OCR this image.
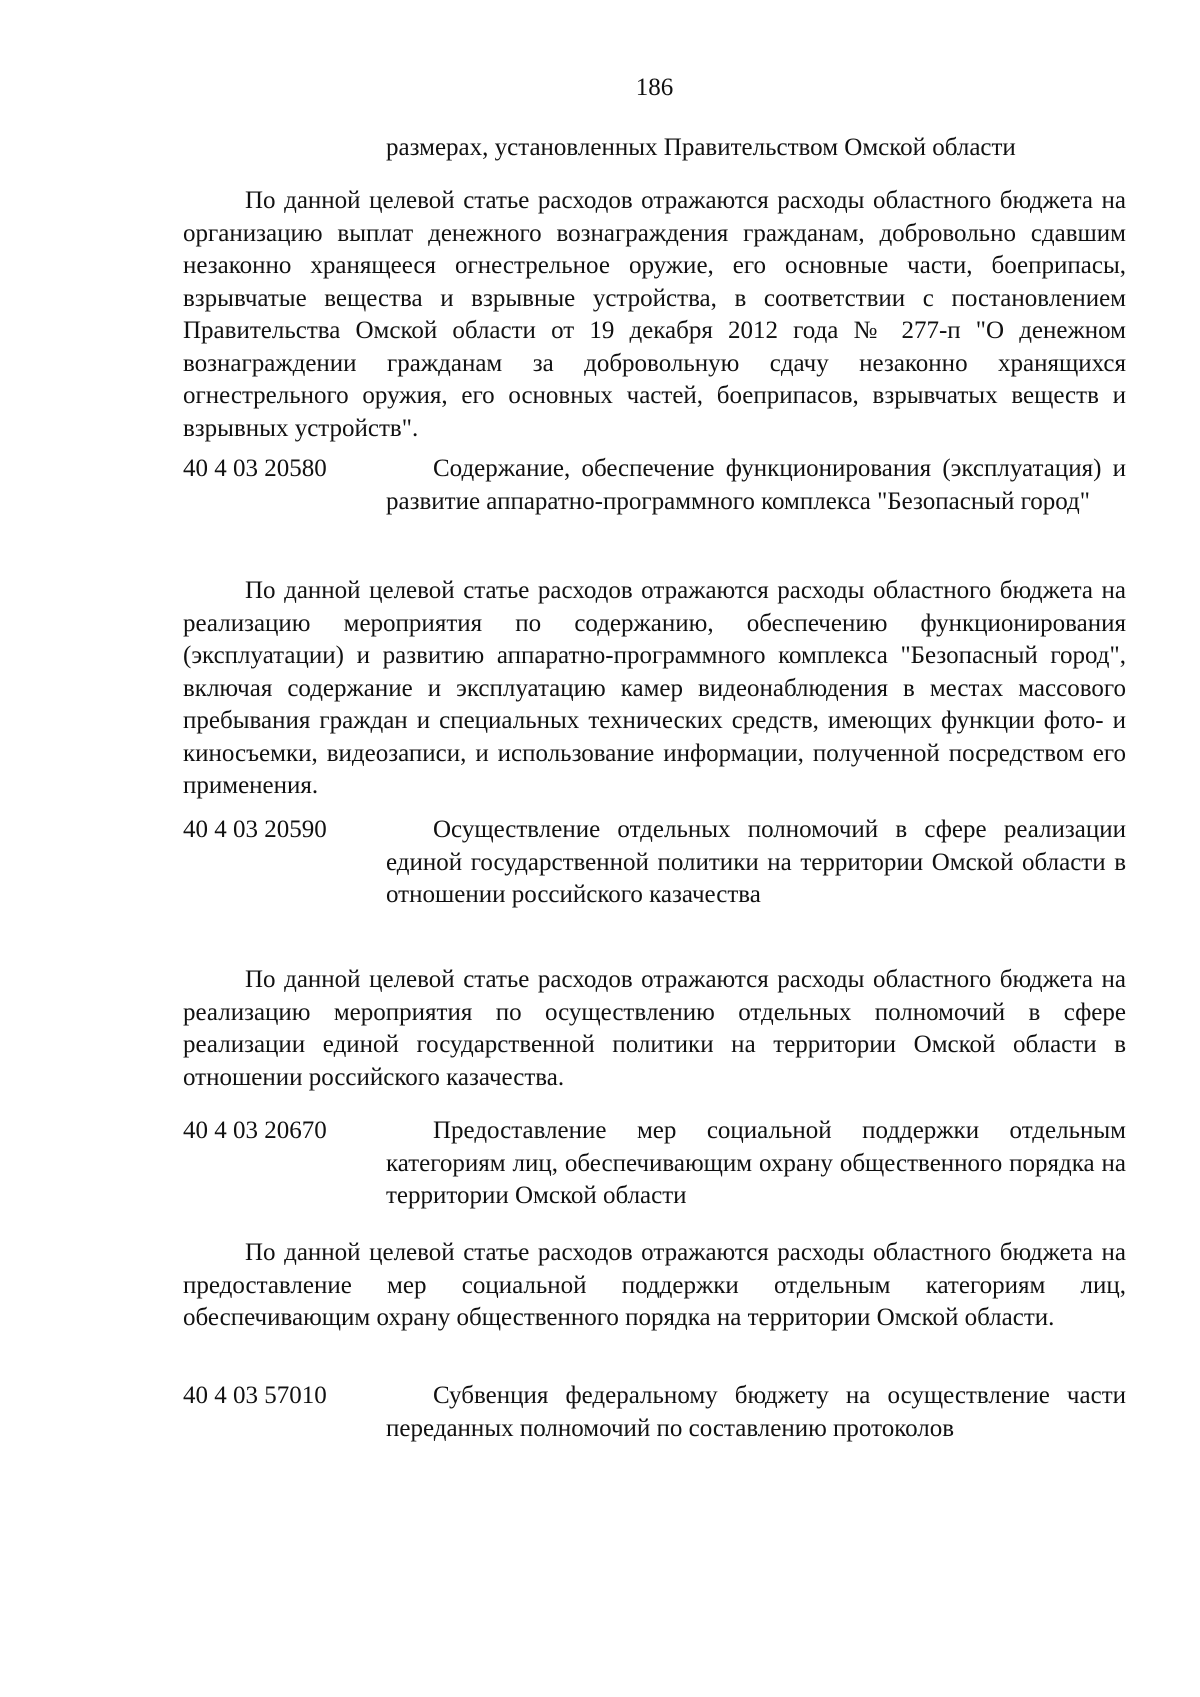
186
размерах, установленных Правительством Омской области
По данной целевой статье расходов отражаются расходы областного бюджета на организацию выплат денежного вознаграждения гражданам, добровольно сдавшим незаконно хранящееся огнестрельное оружие, его основные части, боеприпасы, взрывчатые вещества и взрывные устройства, в соответствии с постановлением Правительства Омской области от 19 декабря 2012 года № 277-п "О денежном вознаграждении гражданам за добровольную сдачу незаконно хранящихся огнестрельного оружия, его основных частей, боеприпасов, взрывчатых веществ и взрывных устройств".
40 4 03 20580	Содержание, обеспечение функционирования (эксплуатация) и развитие аппаратно-программного комплекса "Безопасный город"
По данной целевой статье расходов отражаются расходы областного бюджета на реализацию мероприятия по содержанию, обеспечению функционирования (эксплуатации) и развитию аппаратно-программного комплекса "Безопасный город", включая содержание и эксплуатацию камер видеонаблюдения в местах массового пребывания граждан и специальных технических средств, имеющих функции фото- и киносъемки, видеозаписи, и использование информации, полученной посредством его применения.
40 4 03 20590	Осуществление отдельных полномочий в сфере реализации единой государственной политики на территории Омской области в отношении российского казачества
По данной целевой статье расходов отражаются расходы областного бюджета на реализацию мероприятия по осуществлению отдельных полномочий в сфере реализации единой государственной политики на территории Омской области в отношении российского казачества.
40 4 03 20670	Предоставление мер социальной поддержки отдельным категориям лиц, обеспечивающим охрану общественного порядка на территории Омской области
По данной целевой статье расходов отражаются расходы областного бюджета на предоставление мер социальной поддержки отдельным категориям лиц, обеспечивающим охрану общественного порядка на территории Омской области.
40 4 03 57010	Субвенция федеральному бюджету на осуществление части переданных полномочий по составлению протоколов
